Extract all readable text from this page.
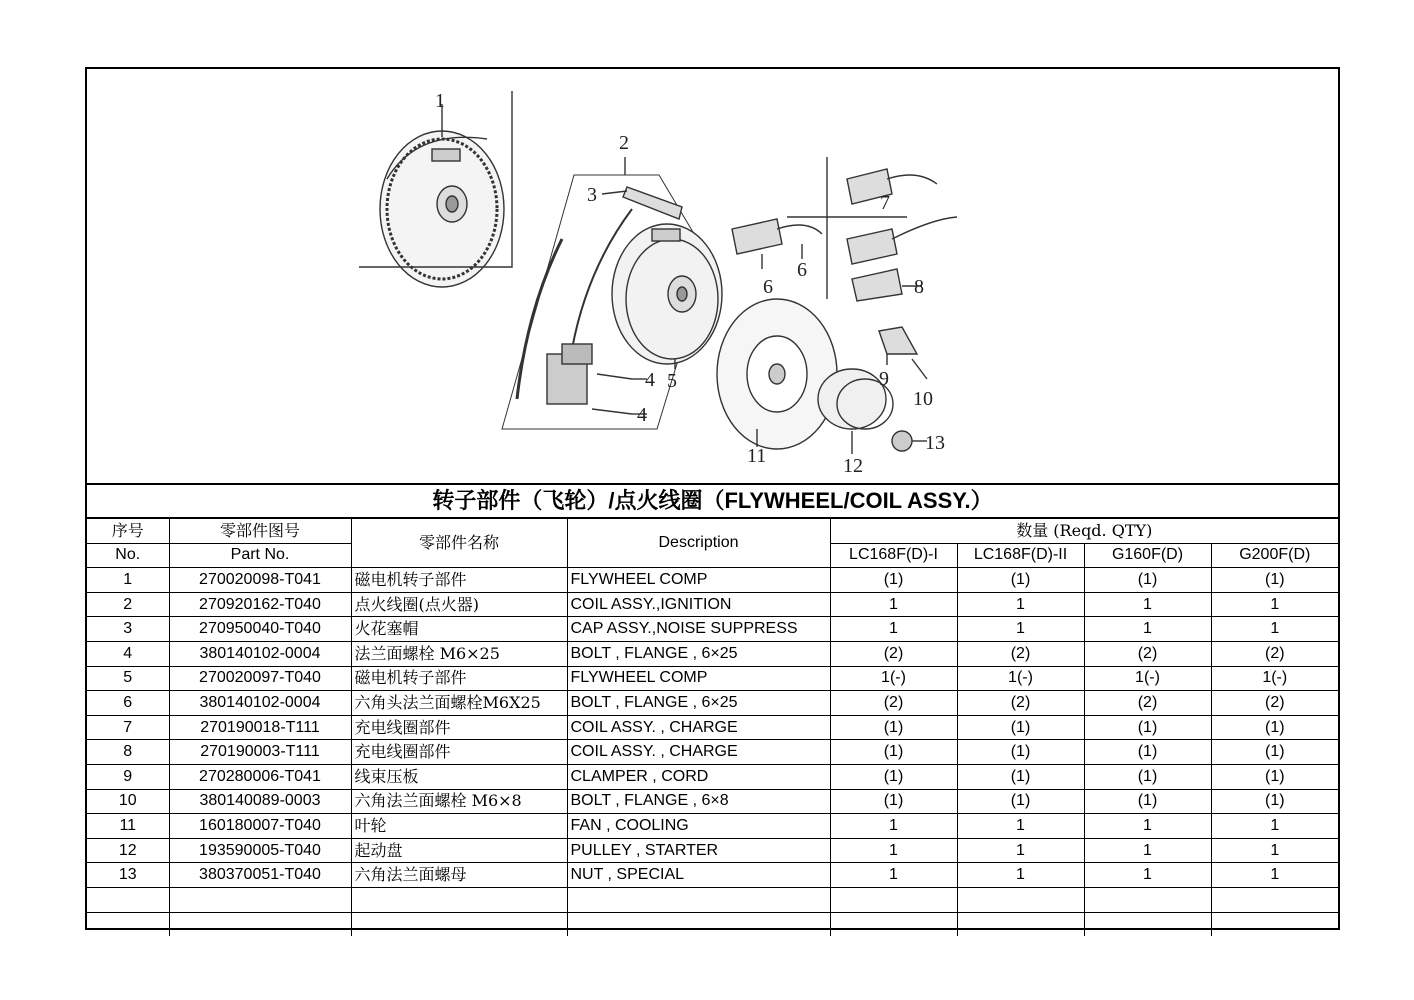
1
2
3
4
4
5
6
6
7
8
9
10
11	12
13
转子部件（飞轮）/点火线圈（FLYWHEEL/COIL ASSY.）
序号	零部件图号	零部件名称	Description	数量 (Reqd. QTY)			
No.	Part No.			LC168F(D)-I	LC168F(D)-II	G160F(D)	G200F(D)
1	270020098-T041	磁电机转子部件	FLYWHEEL COMP	(1)	(1)	(1)	(1)
2	270920162-T040	点火线圈(点火器)	COIL ASSY.,IGNITION	1	1	1	1
3	270950040-T040	火花塞帽	CAP ASSY.,NOISE SUPPRESS	1	1	1	1
4	380140102-0004	法兰面螺栓 M6×25	BOLT , FLANGE , 6×25	(2)	(2)	(2)	(2)
5	270020097-T040	磁电机转子部件	FLYWHEEL COMP	1(-)	1(-)	1(-)	1(-)
6	380140102-0004	六角头法兰面螺栓M6X25	BOLT , FLANGE , 6×25	(2)	(2)	(2)	(2)
7	270190018-T111	充电线圈部件	COIL ASSY. , CHARGE	(1)	(1)	(1)	(1)
8	270190003-T111	充电线圈部件	COIL ASSY. , CHARGE	(1)	(1)	(1)	(1)
9	270280006-T041	线束压板	CLAMPER , CORD	(1)	(1)	(1)	(1)
10	380140089-0003	六角法兰面螺栓 M6×8	BOLT , FLANGE , 6×8	(1)	(1)	(1)	(1)
11	160180007-T040	叶轮	FAN , COOLING	1	1	1	1
12	193590005-T040	起动盘	PULLEY , STARTER	1	1	1	1
13	380370051-T040	六角法兰面螺母	NUT , SPECIAL	1	1	1	1
